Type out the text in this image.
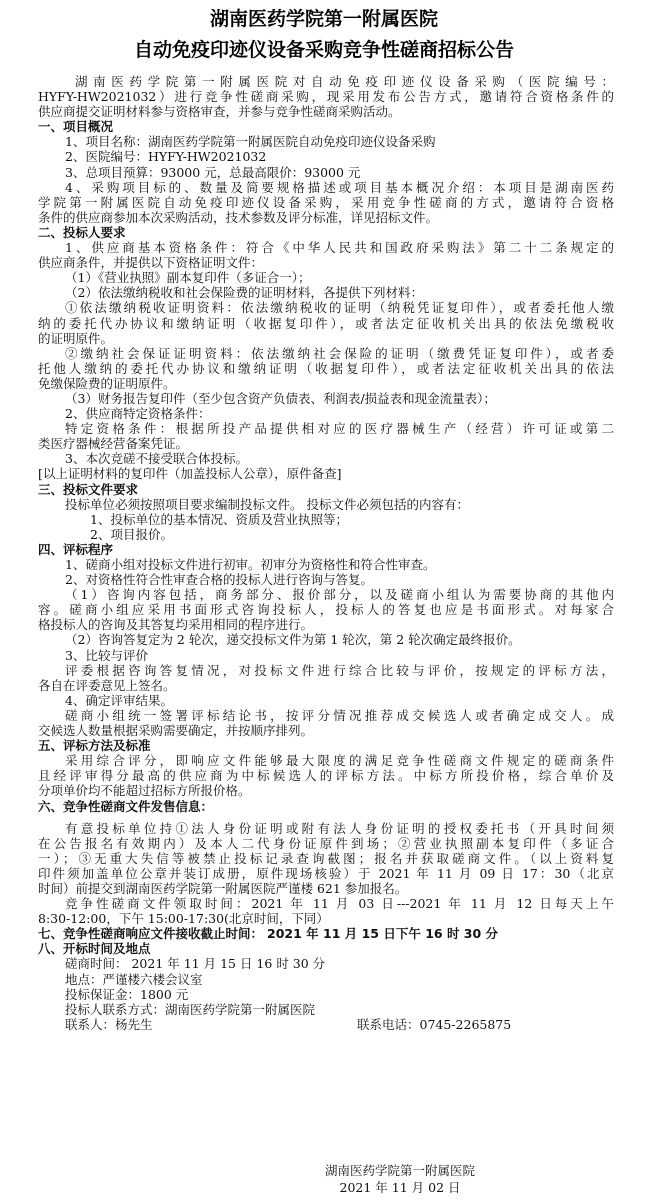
湖南医药学院第一附属医院
自动免疫印迹仪设备采购竞争性磋商招标公告
湖南医药学院第一附属医院对自动免疫印迹仪设备采购（医院编号：
HYFY-HW2021032）进行竞争性磋商采购，现采用发布公告方式，邀请符合资格条件的
供应商提交证明材料参与资格审查，并参与竞争性磋商采购活动。
一、项目概况
1、项目名称：湖南医药学院第一附属医院自动免疫印迹仪设备采购
2、医院编号：HYFY-HW2021032
3、总项目预算：93000 元，总最高限价：93000 元
4、采购项目标的、数量及简要规格描述或项目基本概况介绍：本项目是湖南医药
学院第一附属医院自动免疫印迹仪设备采购，采用竞争性磋商的方式，邀请符合资格
条件的供应商参加本次采购活动，技术参数及评分标准，详见招标文件。
二、投标人要求
1、供应商基本资格条件：符合《中华人民共和国政府采购法》第二十二条规定的
供应商条件，并提供以下资格证明文件：
（1）《营业执照》副本复印件（多证合一）；
（2）依法缴纳税收和社会保险费的证明材料，各提供下列材料：
①依法缴纳税收证明资料：依法缴纳税收的证明（纳税凭证复印件），或者委托他人缴
纳的委托代办协议和缴纳证明（收据复印件），或者法定征收机关出具的依法免缴税收
的证明原件。
②缴纳社会保证证明资料：依法缴纳社会保险的证明（缴费凭证复印件），或者委
托他人缴纳的委托代办协议和缴纳证明（收据复印件），或者法定征收机关出具的依法
免缴保险费的证明原件。
（3）财务报告复印件（至少包含资产负债表、利润表/损益表和现金流量表）；
2、供应商特定资格条件：
特定资格条件：根据所投产品提供相对应的医疗器械生产（经营）许可证或第二
类医疗器械经营备案凭证。
3、本次竞磋不接受联合体投标。
[以上证明材料的复印件（加盖投标人公章），原件备查]
三、投标文件要求
投标单位必须按照项目要求编制投标文件。 投标文件必须包括的内容有：
1、投标单位的基本情况、资质及营业执照等；
2、项目报价。
四、评标程序
1、磋商小组对投标文件进行初审。初审分为资格性和符合性审查。
2、对资格性符合性审查合格的投标人进行咨询与答复。
（1）咨询内容包括，商务部分、报价部分，以及磋商小组认为需要协商的其他内
容。磋商小组应采用书面形式咨询投标人，投标人的答复也应是书面形式。对每家合
格投标人的咨询及其答复均采用相同的程序进行。
（2）咨询答复定为 2 轮次，递交投标文件为第 1 轮次，第 2 轮次确定最终报价。
3、比较与评价
评委根据咨询答复情况，对投标文件进行综合比较与评价，按规定的评标方法，
各自在评委意见上签名。
4、确定评审结果。
磋商小组统一签署评标结论书，按评分情况推荐成交候选人或者确定成交人。成
交候选人数量根据采购需要确定，并按顺序排列。
五、评标方法及标准
采用综合评分，即响应文件能够最大限度的满足竞争性磋商文件规定的磋商条件
且经评审得分最高的供应商为中标候选人的评标方法。中标方所投价格，综合单价及
分项单价均不能超过招标方所报价格。
六、竞争性磋商文件发售信息：
有意投标单位持①法人身份证明或附有法人身份证明的授权委托书（开具时间须
在公告报名有效期内）及本人二代身份证原件到场；②营业执照副本复印件（多证合
一）；③无重大失信等被禁止投标记录查询截图；报名并获取磋商文件。（以上资料复
印件须加盖单位公章并装订成册，原件现场核验）于 2021 年 11 月 09 日 17：30（北京
时间）前提交到湖南医药学院第一附属医院严谨楼 621 参加报名。
竞争性磋商文件领取时间：2021 年 11 月 03 日---2021 年 11 月 12 日每天上午
8:30-12:00，下午 15:00-17:30(北京时间，下同）
七、竞争性磋商响应文件接收截止时间： 2021 年 11 月 15 日下午 16 时 30 分
八、开标时间及地点
磋商时间： 2021 年 11 月 15 日 16 时 30 分
地点：严谨楼六楼会议室
投标保证金：1800 元
投标人联系方式：湖南医药学院第一附属医院
联系人：杨先生	联系电话：0745-2265875
湖南医药学院第一附属医院
2021 年 11 月 02 日
